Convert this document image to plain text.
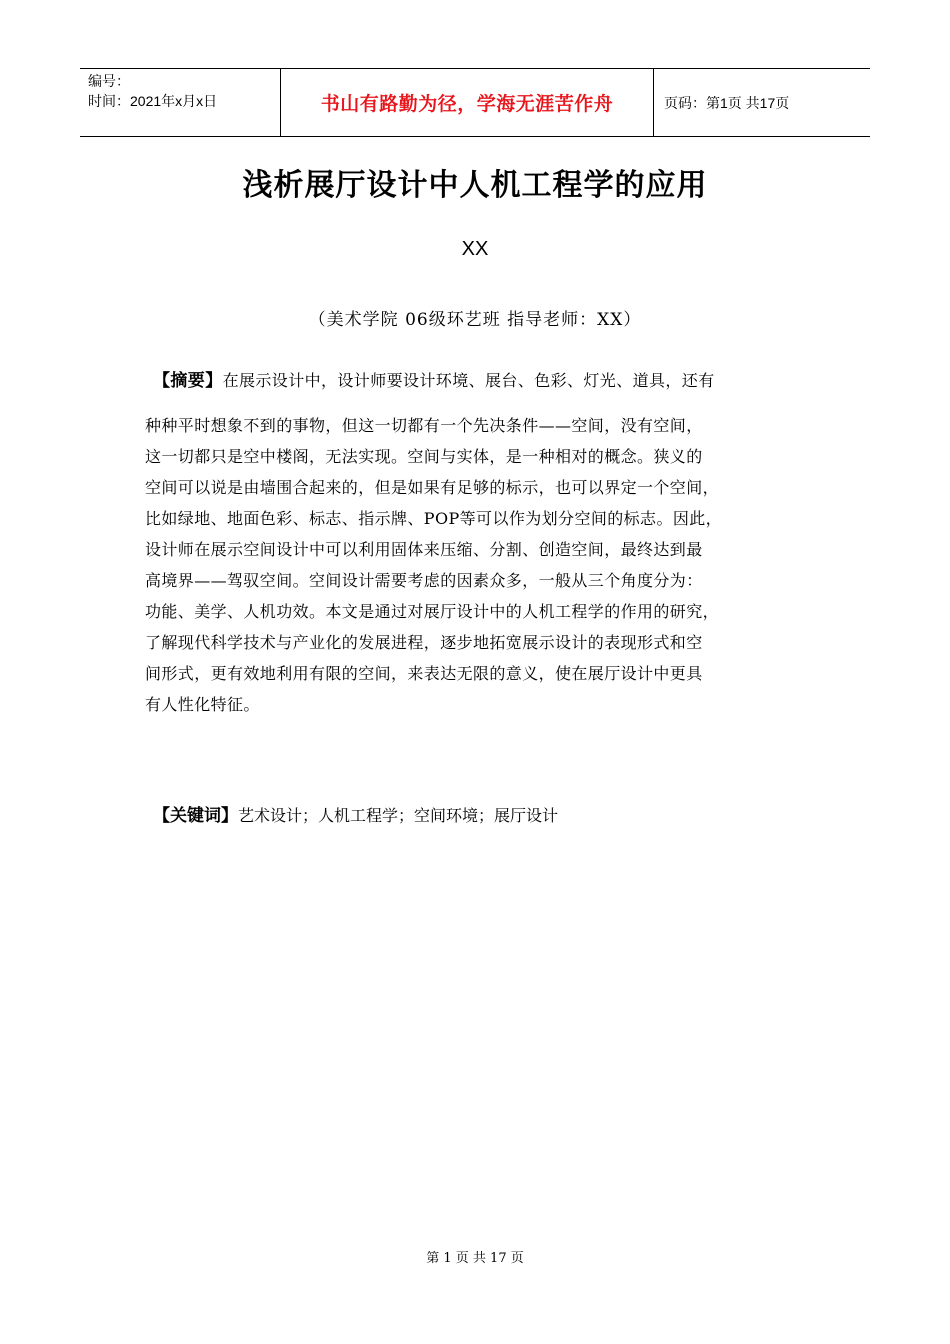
编号：
时间：2021年x月x日	书山有路勤为径，学海无涯苦作舟	页码：第1页 共17页
浅析展厅设计中人机工程学的应用
XX
（美术学院 06级环艺班 指导老师：XX）
【摘要】在展示设计中，设计师要设计环境、展台、色彩、灯光、道具，还有
种种平时想象不到的事物，但这一切都有一个先决条件——空间，没有空间，
这一切都只是空中楼阁，无法实现。空间与实体，是一种相对的概念。狭义的
空间可以说是由墙围合起来的，但是如果有足够的标示，也可以界定一个空间，
比如绿地、地面色彩、标志、指示牌、POP等可以作为划分空间的标志。因此，
设计师在展示空间设计中可以利用固体来压缩、分割、创造空间，最终达到最
高境界——驾驭空间。空间设计需要考虑的因素众多，一般从三个角度分为：
功能、美学、人机功效。本文是通过对展厅设计中的人机工程学的作用的研究，
了解现代科学技术与产业化的发展进程，逐步地拓宽展示设计的表现形式和空
间形式，更有效地利用有限的空间，来表达无限的意义，使在展厅设计中更具
有人性化特征。
【关键词】艺术设计；人机工程学；空间环境；展厅设计
第 1 页 共 17 页
